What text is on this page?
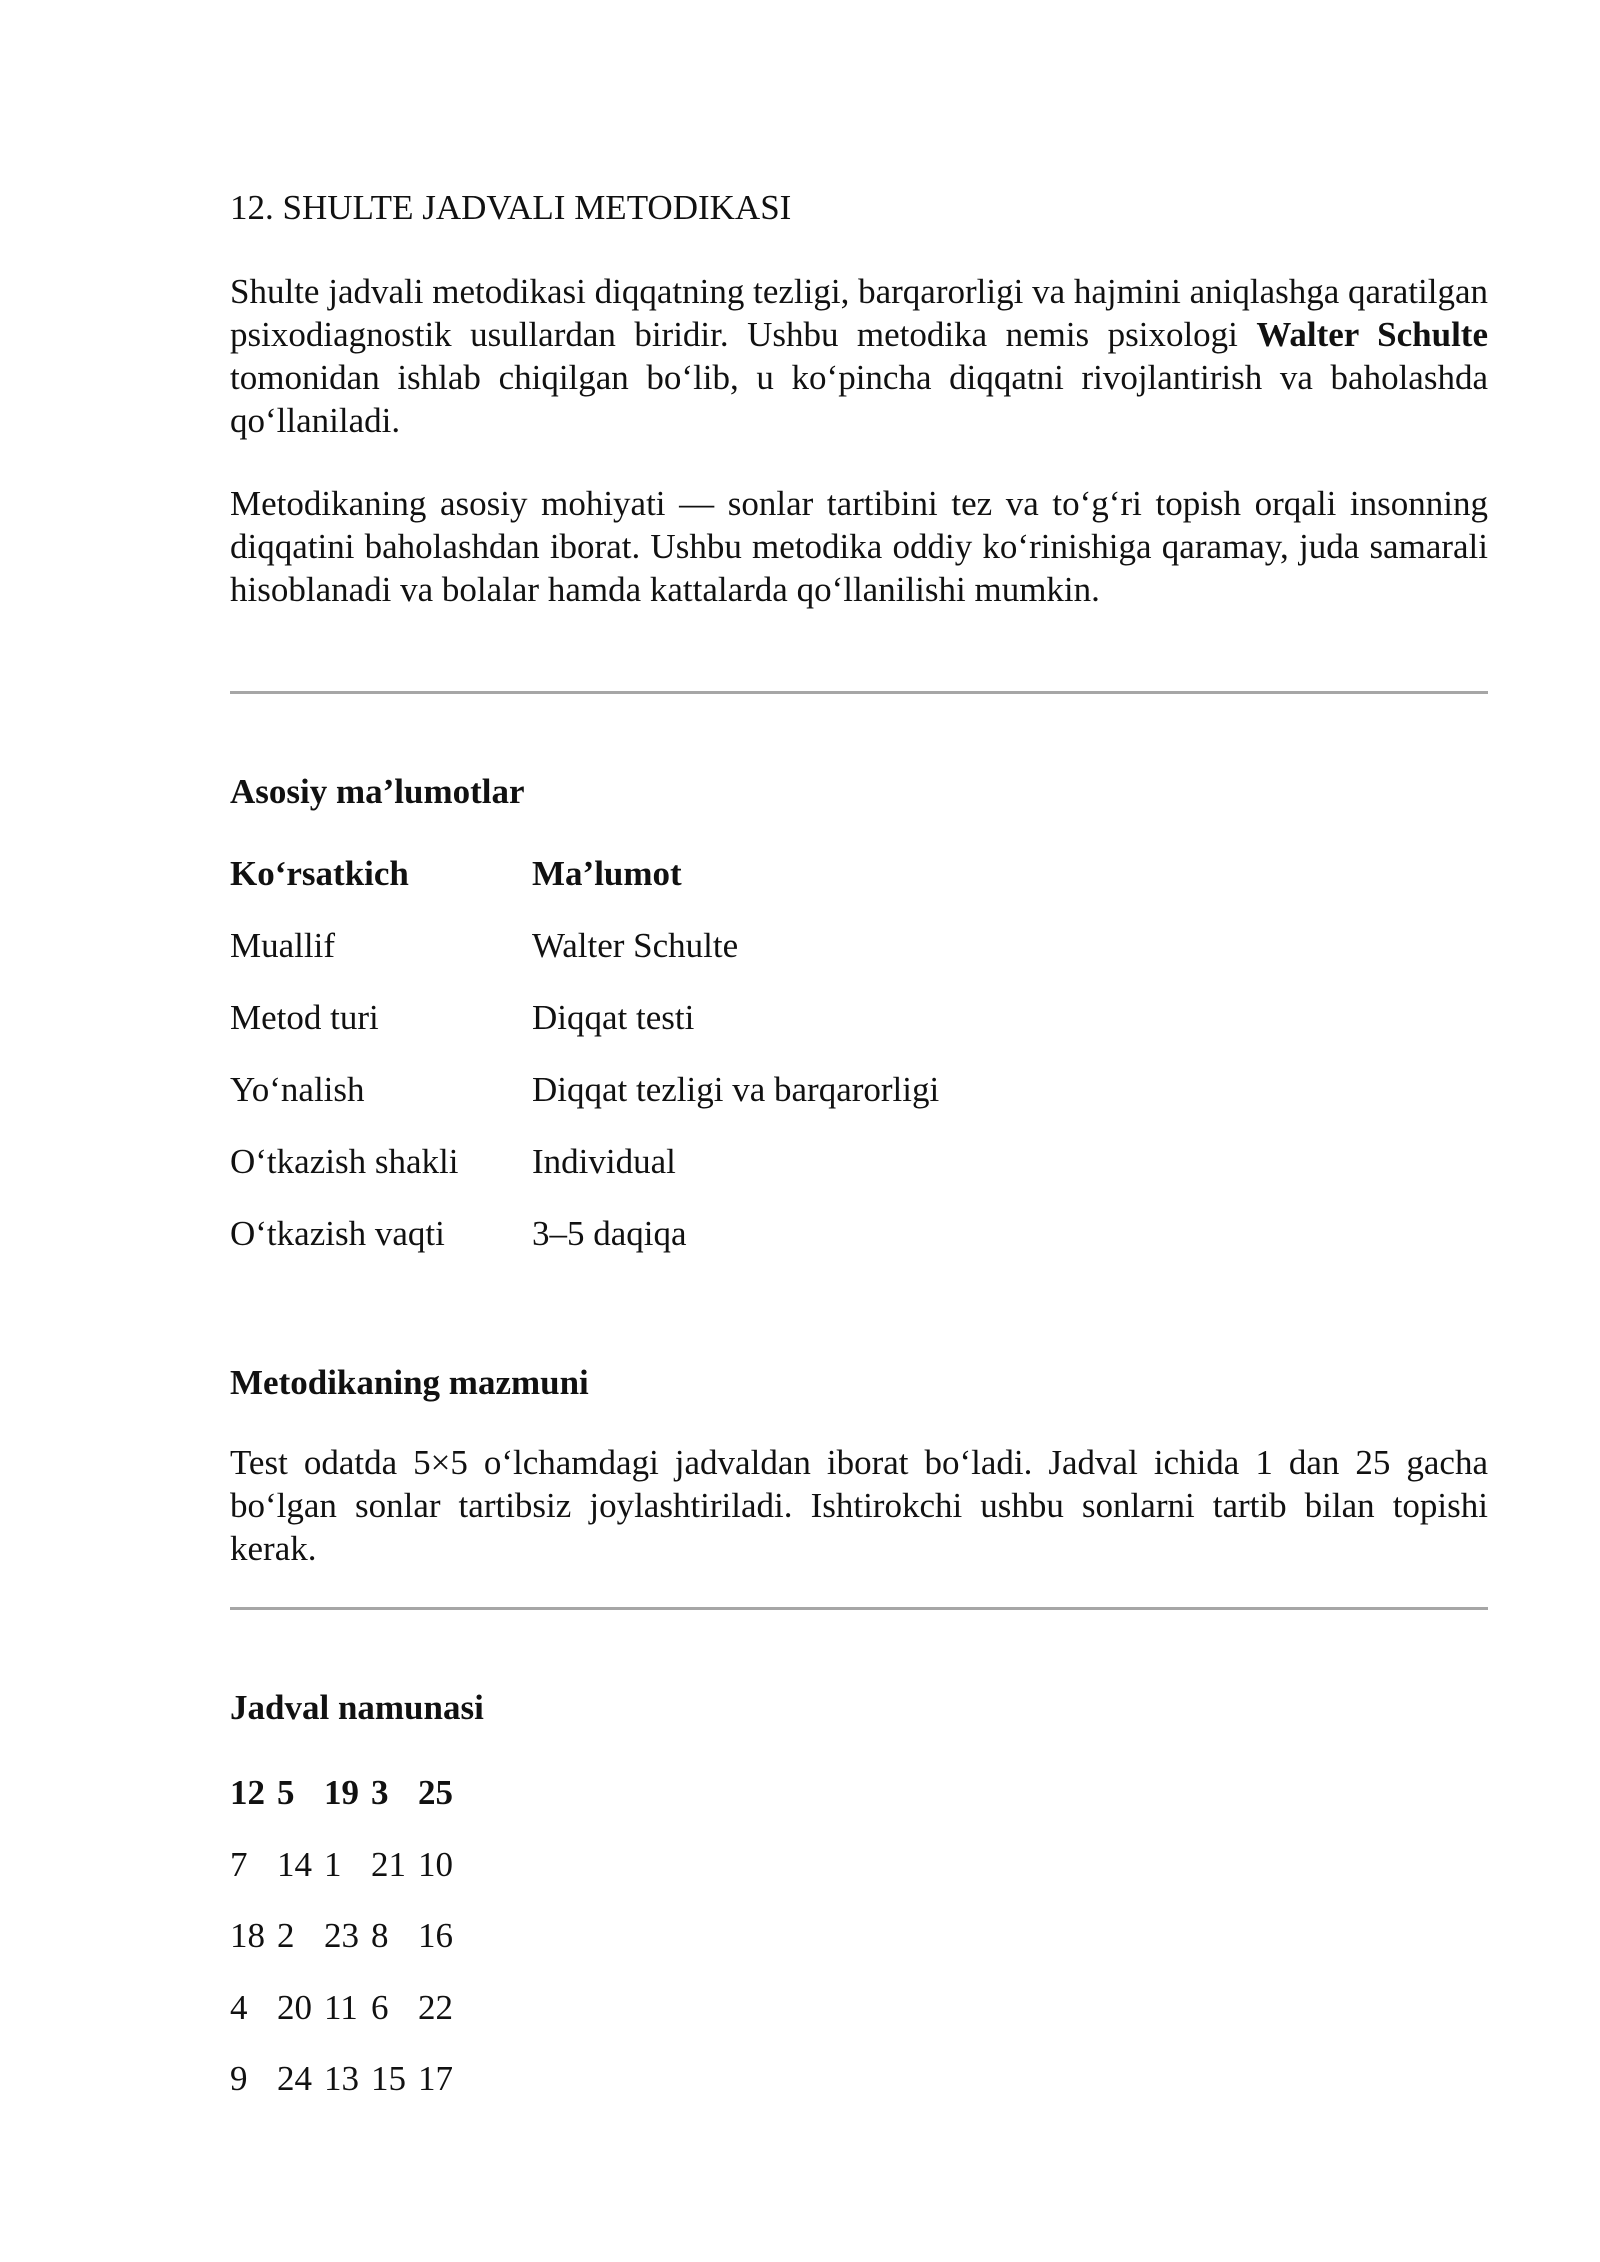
12. SHULTE JADVALI METODIKASI

Shulte jadvali metodikasi diqqatning tezligi, barqarorligi va hajmini aniqlashga qaratilgan psixodiagnostik usullardan biridir. Ushbu metodika nemis psixologi Walter Schulte tomonidan ishlab chiqilgan bo‘lib, u ko‘pincha diqqatni rivojlantirish va baholashda qo‘llaniladi.

Metodikaning asosiy mohiyati — sonlar tartibini tez va to‘g‘ri topish orqali insonning diqqatini baholashdan iborat. Ushbu metodika oddiy ko‘rinishiga qaramay, juda samarali hisoblanadi va bolalar hamda kattalarda qo‘llanilishi mumkin.

Asosiy ma’lumotlar
Ko‘rsatkich	Ma’lumot
Muallif	Walter Schulte
Metod turi	Diqqat testi
Yo‘nalish	Diqqat tezligi va barqarorligi
O‘tkazish shakli	Individual
O‘tkazish vaqti	3–5 daqiqa
Metodikaning mazmuni

Test odatda 5×5 o‘lchamdagi jadvaldan iborat bo‘ladi. Jadval ichida 1 dan 25 gacha bo‘lgan sonlar tartibsiz joylashtiriladi. Ishtirokchi ushbu sonlarni tartib bilan topishi kerak.

Jadval namunasi
12	5	19	3	25
7	14	1	21	10
18	2	23	8	16
4	20	11	6	22
9	24	13	15	17
